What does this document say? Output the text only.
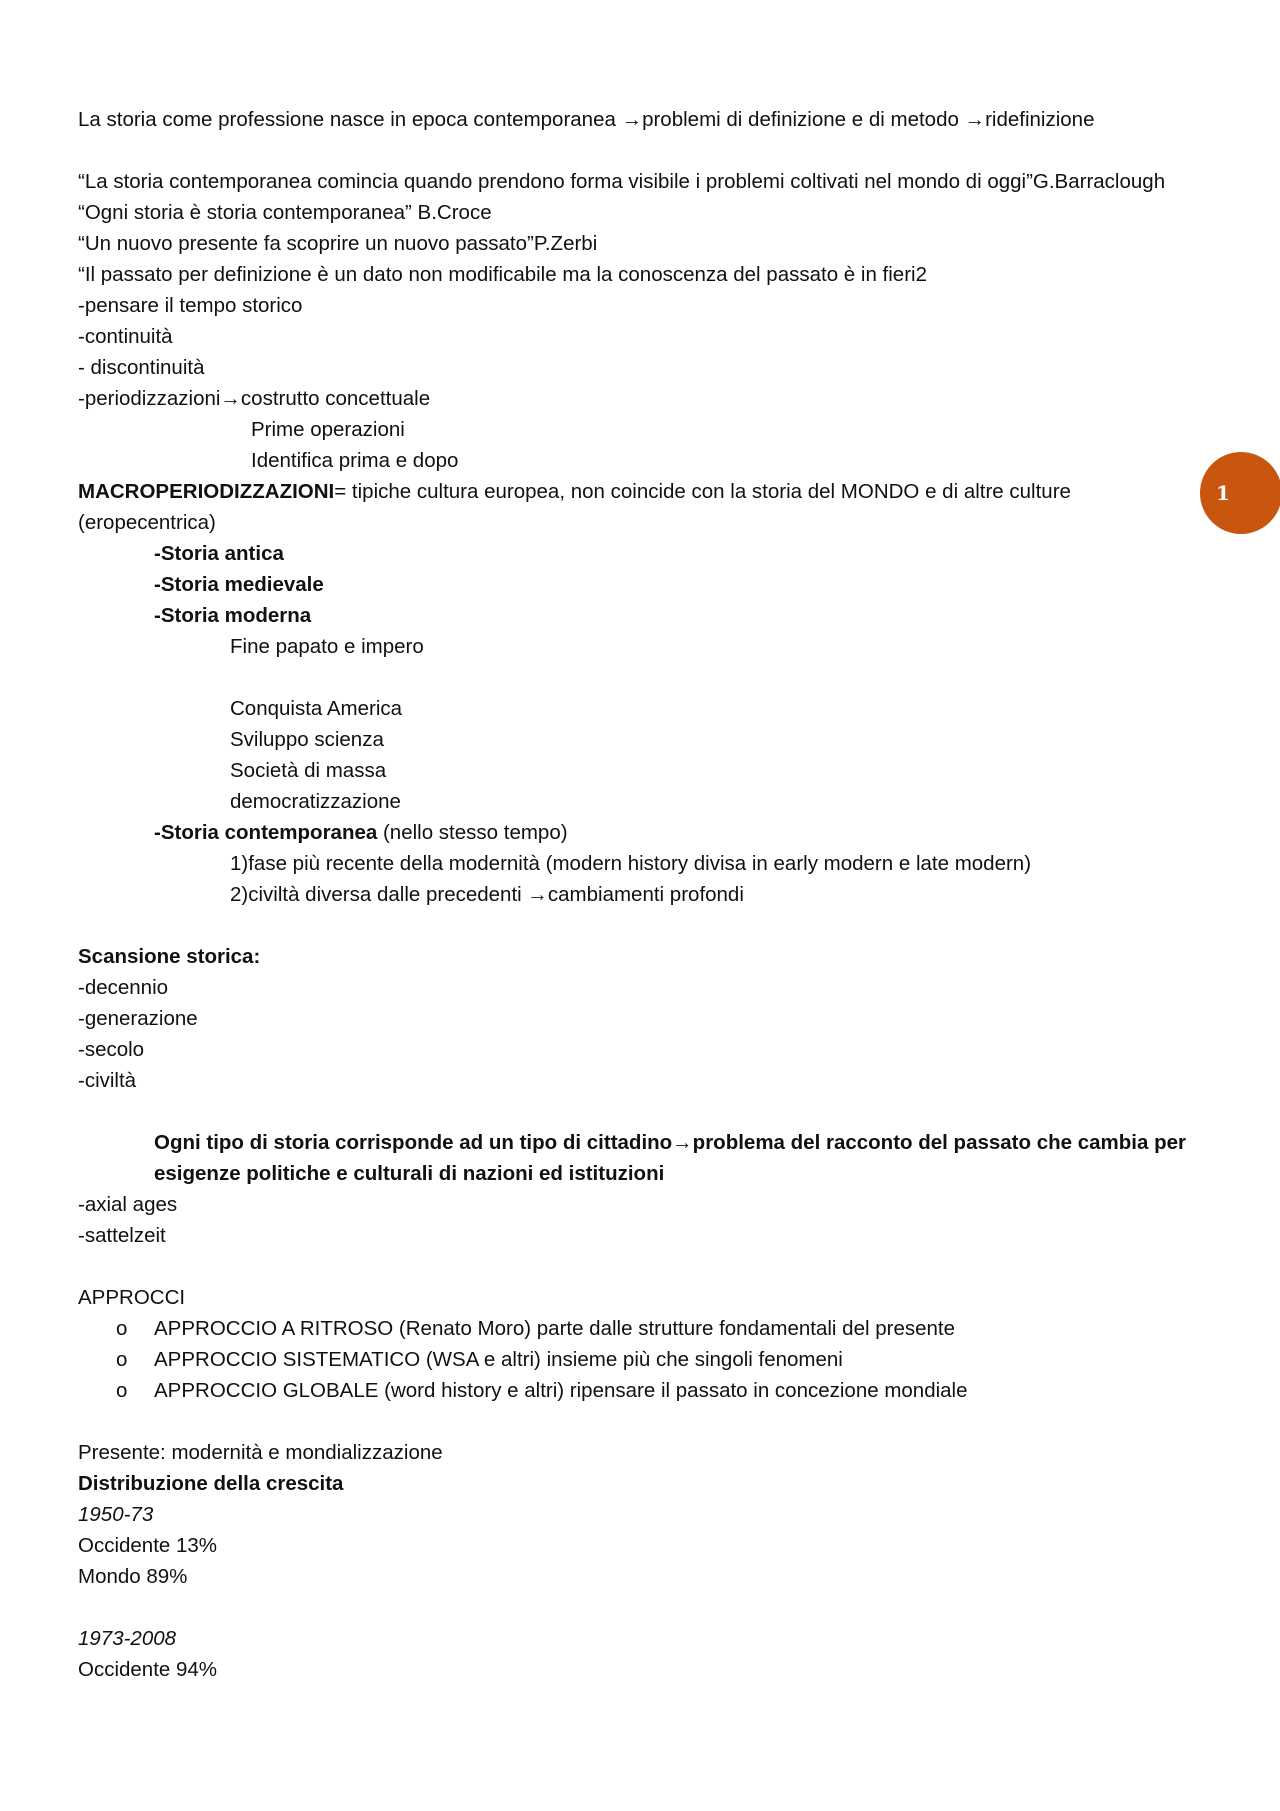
1
La storia come professione nasce in epoca contemporanea →problemi di definizione e di metodo →ridefinizione
“La storia contemporanea comincia quando prendono forma visibile i problemi coltivati nel mondo di oggi”G.Barraclough
“Ogni storia è storia contemporanea” B.Croce
“Un nuovo presente fa scoprire un nuovo passato”P.Zerbi
“Il passato per definizione è un dato non modificabile ma la conoscenza del passato è in fieri2
-pensare il tempo storico
-continuità
- discontinuità
-periodizzazioni→costrutto concettuale
Prime operazioni
Identifica prima e dopo
MACROPERIODIZZAZIONI= tipiche cultura europea, non coincide con la storia del MONDO e di altre culture (eropecentrica)
-Storia antica
-Storia medievale
-Storia moderna
Fine papato e impero
Conquista America
Sviluppo scienza
Società di massa
democratizzazione
-Storia contemporanea (nello stesso tempo)
1)fase più recente della modernità (modern history divisa in early modern e late modern)
2)civiltà diversa dalle precedenti →cambiamenti profondi
Scansione storica:
-decennio
-generazione
-secolo
-civiltà
Ogni tipo di storia corrisponde ad un tipo di cittadino→problema del racconto del passato che cambia per esigenze politiche e culturali di nazioni ed istituzioni
-axial ages
-sattelzeit
APPROCCI
o	APPROCCIO A RITROSO (Renato Moro) parte dalle strutture fondamentali del presente
o	APPROCCIO SISTEMATICO (WSA e altri) insieme più che singoli fenomeni
o	APPROCCIO GLOBALE (word history e altri) ripensare il passato in concezione mondiale
Presente: modernità e mondializzazione
Distribuzione della crescita
1950-73
Occidente 13%
Mondo 89%
1973-2008
Occidente 94%
